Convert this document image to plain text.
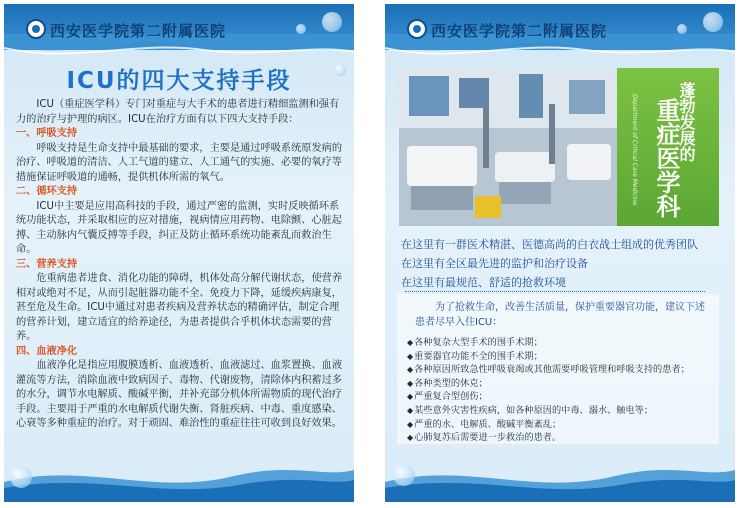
西安医学院第二附属医院
ICU的四大支持手段

ICU（重症医学科）专门对重症与大手术的患者进行精细监测和强有力的治疗与护理的病区。ICU在治疗方面有以下四大支持手段：

一、呼吸支持

呼吸支持是生命支持中最基础的要求，主要是通过呼吸系统原发病的治疗、呼吸道的清洁、人工气道的建立、人工通气的实施、必要的氧疗等措施保证呼吸道的通畅，提供机体所需的氧气。

二、循环支持

ICU中主要是应用高科技的手段，通过严密的监测，实时反映循环系统功能状态，并采取相应的应对措施，视病情应用药物、电除颤、心脏起搏、主动脉内气囊反搏等手段，纠正及防止循环系统功能紊乱而救治生命。

三、营养支持

危重病患者进食、消化功能的障碍，机体处高分解代谢状态，使营养相对或绝对不足，从而引起脏器功能不全、免疫力下降，延缓疾病康复，甚至危及生命。ICU中通过对患者疾病及营养状态的精确评估，制定合理的营养计划，建立适宜的给养途径，为患者提供合乎机体状态需要的营养。

四、血液净化

血液净化是指应用腹膜透析、血液透析、血液滤过、血浆置换、血液灌流等方法，消除血液中致病因子、毒物、代谢废物，清除体内积蓄过多的水分，调节水电解质、酸碱平衡，并补充部分机体所需物质的现代治疗手段。主要用于严重的水电解质代谢失衡、肾脏疾病、中毒、重度感染、心衰等多种重症的治疗。对于顽固、难治性的重症往往可收到良好效果。

西安医学院第二附属医院
蓬勃发展的
重症医学科
Department of Critical Care Medicine
在这里有一群医术精湛、医德高尚的白衣战士组成的优秀团队
在这里有全区最先进的监护和治疗设备
在这里有最规范、舒适的抢救环境
为了抢救生命，改善生活质量，保护重要器官功能，建议下述患者尽早入住ICU：
◆ 各种复杂大型手术的围手术期；
◆ 重要器官功能不全的围手术期；
◆ 各种原因所致急性呼吸衰竭或其他需要呼吸管理和呼吸支持的患者；
◆ 各种类型的休克；
◆ 严重复合型创伤；
◆ 某些意外灾害性疾病，如各种原因的中毒、溺水、触电等；
◆ 严重的水、电解质、酸碱平衡紊乱；
◆ 心肺复苏后需要进一步救治的患者。
